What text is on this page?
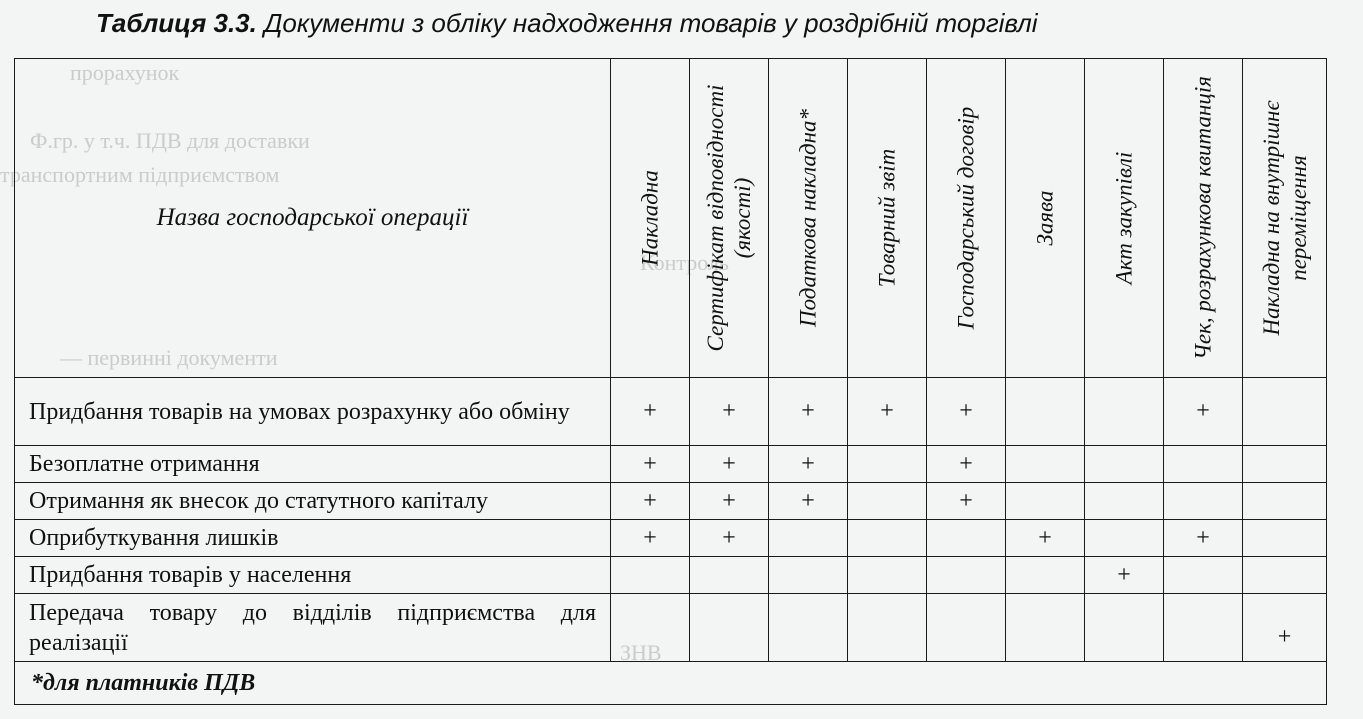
прорахунок
Ф.гр. у т.ч. ПДВ для доставки
транспортним підприємством
Контроль
— первинні документи
ЗНВ
Таблиця 3.3. Документи з обліку надходження товарів у роздрібній торгівлі
Назва господарської операції	Накладна	Сертифікат відповідності (якості)	Податкова накладна*	Товарний звіт	Господарський договір	Заява	Акт закупівлі	Чек, розрахункова квитанція	Накладна на внутрішнє переміщення

Придбання товарів на умовах розрахунку або обміну	+	+	+	+	+			+	
Безоплатне отримання	+	+	+		+				
Отримання як внесок до статутного капіталу	+	+	+		+				
Оприбуткування лишків	+	+				+		+	
Придбання товарів у населення							+		
Передача товару до відділів підприємства для реалізації									+
*для платників ПДВ									
